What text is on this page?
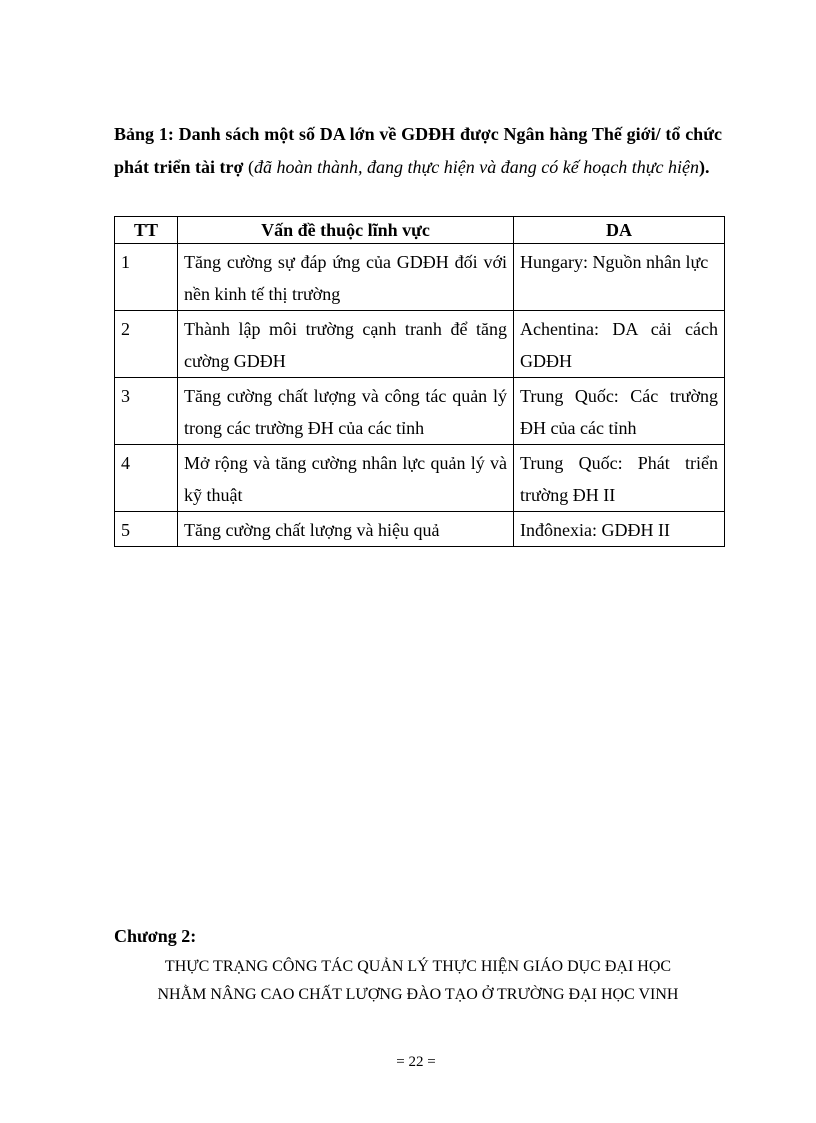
Bảng 1: Danh sách một số DA lớn về GDĐH được Ngân hàng Thế giới/ tổ chức phát triển tài trợ (đã hoàn thành, đang thực hiện và đang có kế hoạch thực hiện).
TT	Vấn đề thuộc lĩnh vực	DA
1	Tăng cường sự đáp ứng của GDĐH đối với nền kinh tế thị trường	Hungary: Nguồn nhân lực
2	Thành lập môi trường cạnh tranh để tăng cường GDĐH	Achentina: DA cải cách GDĐH
3	Tăng cường chất lượng và công tác quản lý trong các trường ĐH của các tỉnh	Trung Quốc: Các trường ĐH của các tỉnh
4	Mở rộng và tăng cường nhân lực quản lý và kỹ thuật	Trung Quốc: Phát triển trường ĐH II
5	Tăng cường chất lượng và hiệu quả	Inđônexia: GDĐH II
Chương 2:
THỰC TRẠNG CÔNG TÁC QUẢN LÝ THỰC HIỆN GIÁO DỤC ĐẠI HỌC
NHẰM NÂNG CAO CHẤT LƯỢNG ĐÀO TẠO Ở TRƯỜNG ĐẠI HỌC VINH
= 22 =
